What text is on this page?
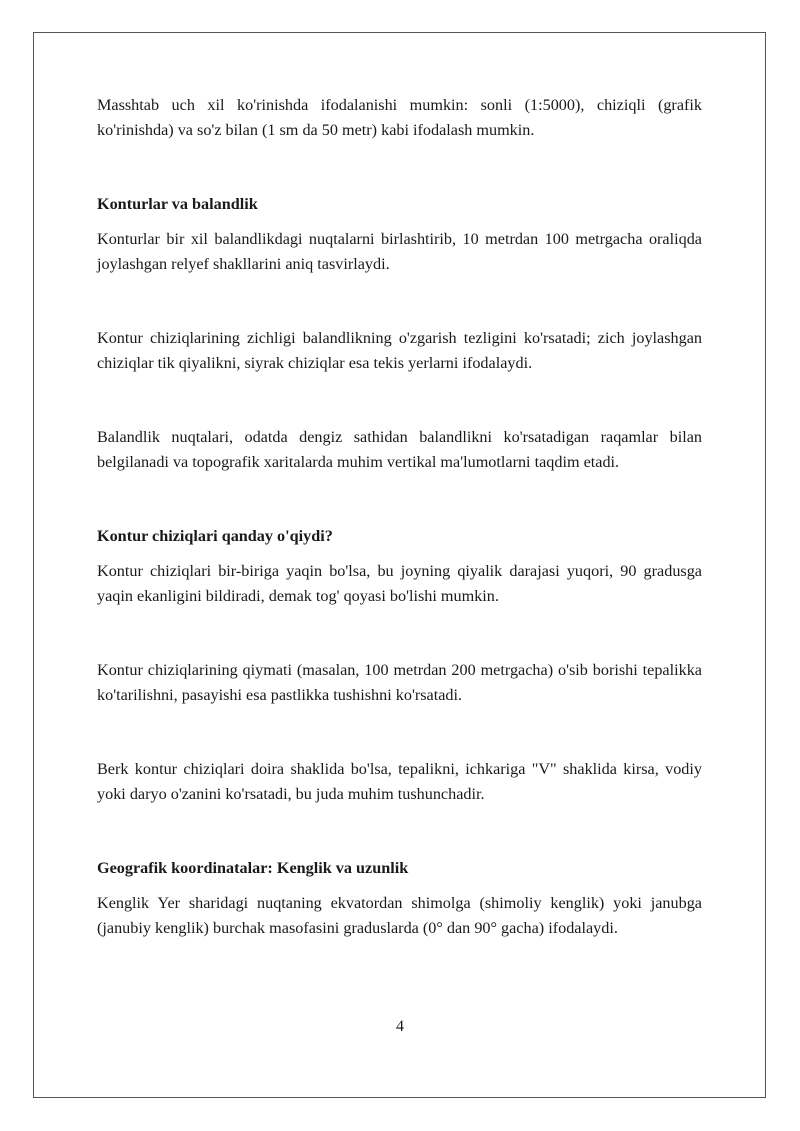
Masshtab uch xil ko'rinishda ifodalanishi mumkin: sonli (1:5000), chiziqli (grafik ko'rinishda) va so'z bilan (1 sm da 50 metr) kabi ifodalash mumkin.

Konturlar va balandlik

Konturlar bir xil balandlikdagi nuqtalarni birlashtirib, 10 metrdan 100 metrgacha oraliqda joylashgan relyef shakllarini aniq tasvirlaydi.

Kontur chiziqlarining zichligi balandlikning o'zgarish tezligini ko'rsatadi; zich joylashgan chiziqlar tik qiyalikni, siyrak chiziqlar esa tekis yerlarni ifodalaydi.

Balandlik nuqtalari, odatda dengiz sathidan balandlikni ko'rsatadigan raqamlar bilan belgilanadi va topografik xaritalarda muhim vertikal ma'lumotlarni taqdim etadi.

Kontur chiziqlari qanday o'qiydi?

Kontur chiziqlari bir-biriga yaqin bo'lsa, bu joyning qiyalik darajasi yuqori, 90 gradusga yaqin ekanligini bildiradi, demak tog' qoyasi bo'lishi mumkin.

Kontur chiziqlarining qiymati (masalan, 100 metrdan 200 metrgacha) o'sib borishi tepalikka ko'tarilishni, pasayishi esa pastlikka tushishni ko'rsatadi.

Berk kontur chiziqlari doira shaklida bo'lsa, tepalikni, ichkariga "V" shaklida kirsa, vodiy yoki daryo o'zanini ko'rsatadi, bu juda muhim tushunchadir.

Geografik koordinatalar: Kenglik va uzunlik

Kenglik Yer sharidagi nuqtaning ekvatordan shimolga (shimoliy kenglik) yoki janubga (janubiy kenglik) burchak masofasini graduslarda (0° dan 90° gacha) ifodalaydi.

4
